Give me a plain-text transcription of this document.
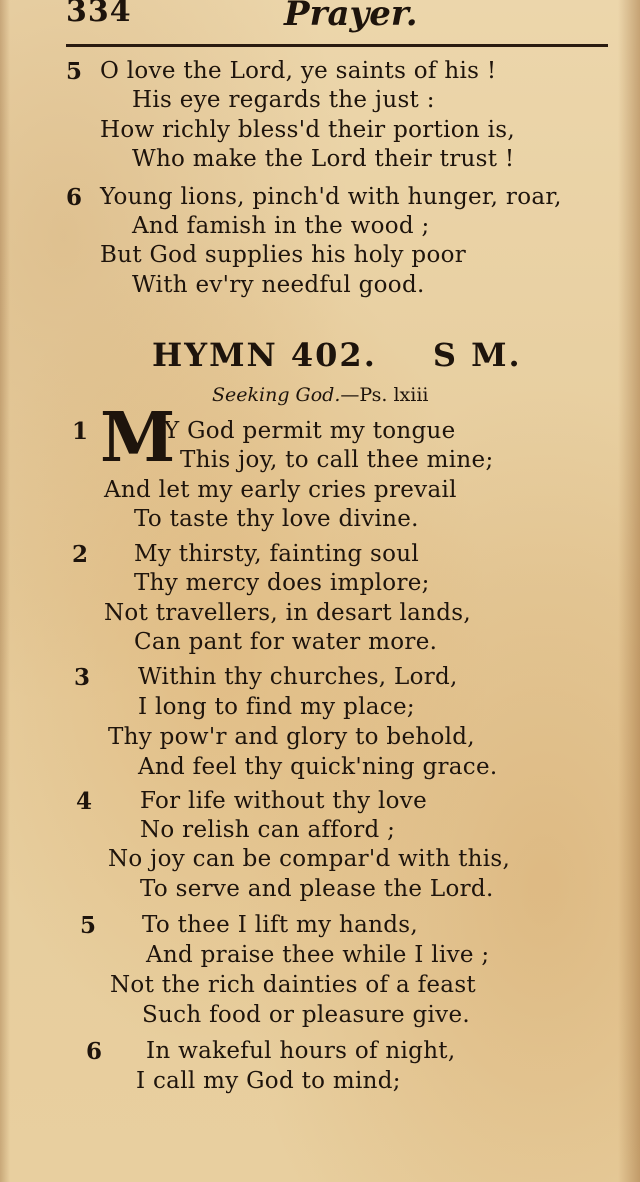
334	Prayer.
5 O love the Lord, ye saints of his !
His eye regards the just :
How richly bless'd their portion is,
Who make the Lord their trust !
6 Young lions, pinch'd with hunger, roar,
And famish in the wood ;
But God supplies his holy poor
With ev'ry needful good.
HYMN 402. S M.
Seeking God.—Ps. lxiii
1 M
Y God permit my tongue
This joy, to call thee mine;
And let my early cries prevail
To taste thy love divine.
2 My thirsty, fainting soul
Thy mercy does implore;
Not travellers, in desart lands,
Can pant for water more.
3 Within thy churches, Lord,
I long to find my place;
Thy pow'r and glory to behold,
And feel thy quick'ning grace.
4 For life without thy love
No relish can afford ;
No joy can be compar'd with this,
To serve and please the Lord.
5 To thee I lift my hands,
And praise thee while I live ;
Not the rich dainties of a feast
Such food or pleasure give.
6 In wakeful hours of night,
I call my God to mind;
